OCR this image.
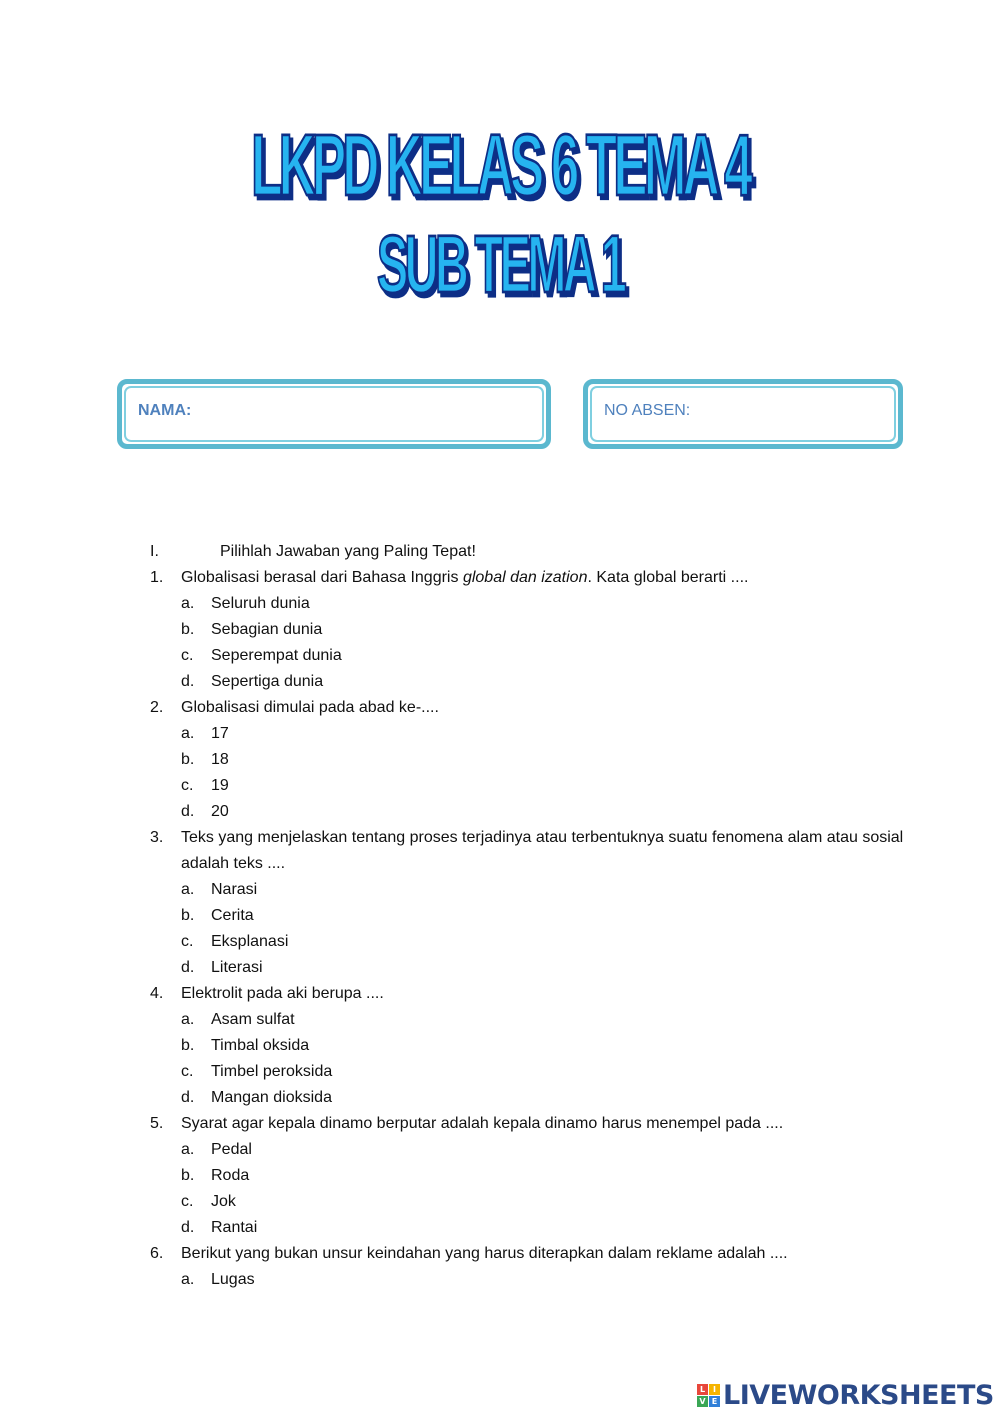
LKPD KELAS 6 TEMA 4
SUB TEMA 1
NAMA:	NO ABSEN:
I.	Pilihlah Jawaban yang Paling Tepat!
1.	Globalisasi berasal dari Bahasa Inggris global dan ization. Kata global berarti ....
a. Seluruh dunia
b. Sebagian dunia
c. Seperempat dunia
d. Sepertiga dunia
2.	Globalisasi dimulai pada abad ke-....
a. 17
b. 18
c. 19
d. 20
3.	Teks yang menjelaskan tentang proses terjadinya atau terbentuknya suatu fenomena alam atau sosial adalah teks ....
a. Narasi
b. Cerita
c. Eksplanasi
d. Literasi
4.	Elektrolit pada aki berupa ....
a. Asam sulfat
b. Timbal oksida
c. Timbel peroksida
d. Mangan dioksida
5.	Syarat agar kepala dinamo berputar adalah kepala dinamo harus menempel pada ....
a. Pedal
b. Roda
c. Jok
d. Rantai
6.	Berikut yang bukan unsur keindahan yang harus diterapkan dalam reklame adalah ....
a. Lugas
L I
V E LIVEWORKSHEETS
